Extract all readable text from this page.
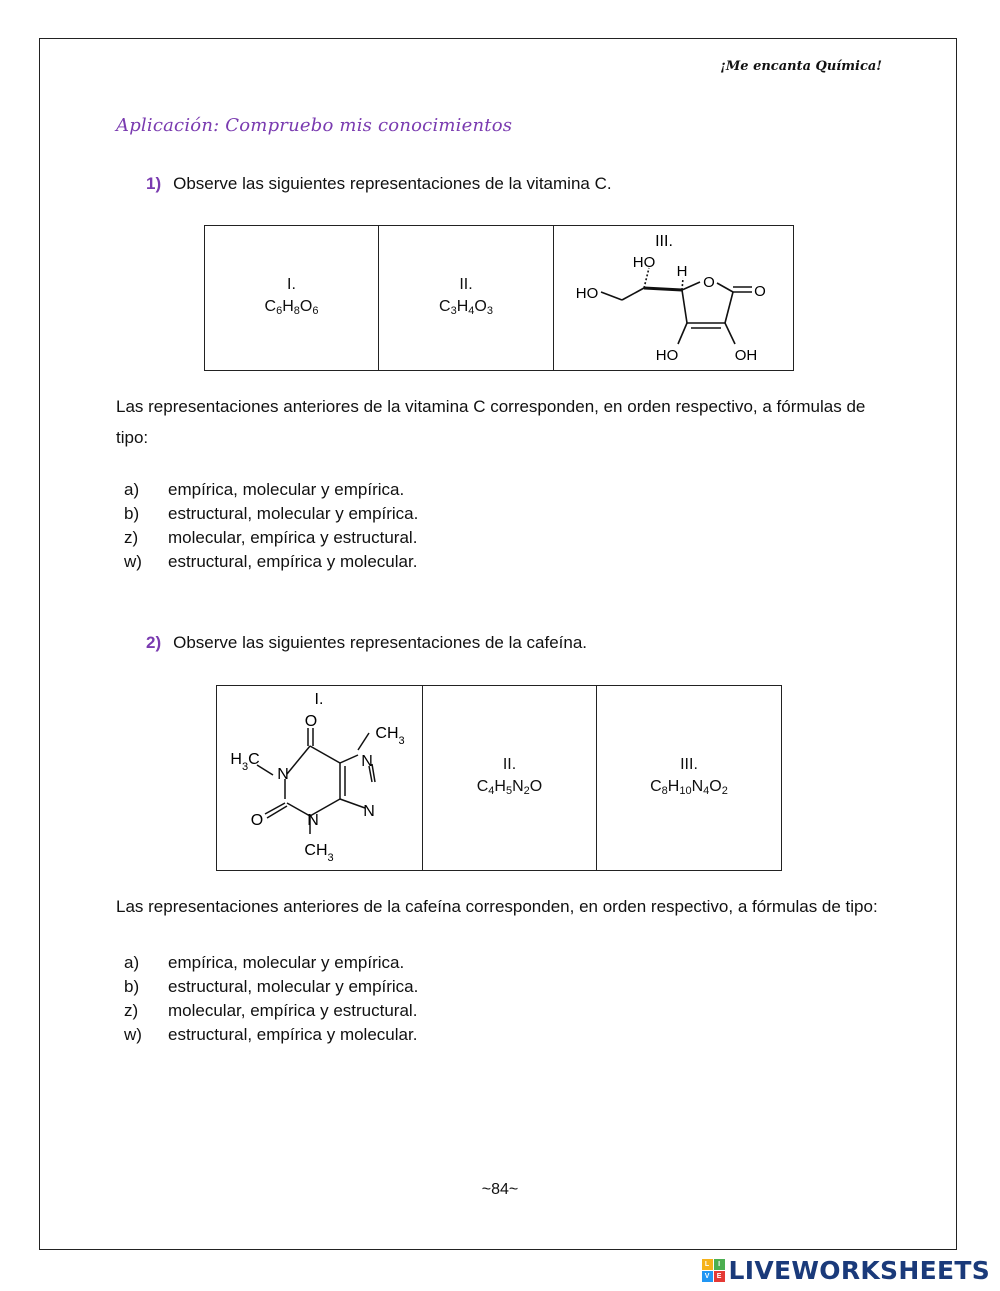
¡Me encanta Química!
Aplicación: Compruebo mis conocimientos
1) Observe las siguientes representaciones de la vitamina C.
I.
$C_6H_8O_6$

II.
$C_3H_4O_3$

III.
HO
H
HO
O
O
HO	OH
Las representaciones anteriores de la vitamina C corresponden, en orden respectivo, a fórmulas de tipo:
a)	empírica, molecular y empírica.
b)	estructural, molecular y empírica.
z)	molecular, empírica y estructural.
w)	estructural, empírica y molecular.
2) Observe las siguientes representaciones de la cafeína.
I.
O
$CH_3$
$H_3C$
N
N
O
N
N
$CH_3$

II.
$C_4H_5N_2O$

III.
$C_8H_{10}N_4O_2$
Las representaciones anteriores de la cafeína corresponden, en orden respectivo, a fórmulas de tipo:
a)	empírica, molecular y empírica.
b)	estructural, molecular y empírica.
z)	molecular, empírica y estructural.
w)	estructural, empírica y molecular.
~84~
L	I
V	E LIVEWORKSHEETS
